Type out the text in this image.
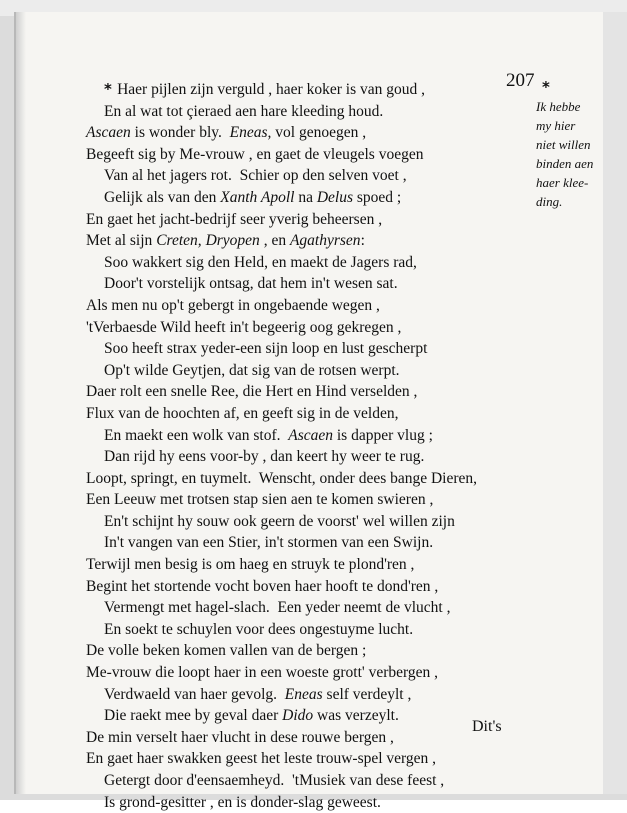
207
* Haer pijlen zijn verguld , haer koker is van goud ,
En al wat tot çieraed aen hare kleeding houd.
Ascaen is wonder bly.  Eneas, vol genoegen ,
Begeeft sig by Me-vrouw , en gaet de vleugels voegen
Van al het jagers rot.  Schier op den selven voet ,
Gelijk als van den Xanth Apoll na Delus spoed ;
En gaet het jacht-bedrijf seer yverig beheersen ,
Met al sijn Creten, Dryopen , en Agathyrsen:
Soo wakkert sig den Held, en maekt de Jagers rad,
Door't vorstelijk ontsag, dat hem in't wesen sat.
Als men nu op't gebergt in ongebaende wegen ,
'tVerbaesde Wild heeft in't begeerig oog gekregen ,
Soo heeft strax yeder-een sijn loop en lust gescherpt
Op't wilde Geytjen, dat sig van de rotsen werpt.
Daer rolt een snelle Ree, die Hert en Hind verselden ,
Flux van de hoochten af, en geeft sig in de velden,
En maekt een wolk van stof.  Ascaen is dapper vlug ;
Dan rijd hy eens voor-by , dan keert hy weer te rug.
Loopt, springt, en tuymelt.  Wenscht, onder dees bange Dieren,
Een Leeuw met trotsen stap sien aen te komen swieren ,
En't schijnt hy souw ook geern de voorst' wel willen zijn
In't vangen van een Stier, in't stormen van een Swijn.
Terwijl men besig is om haeg en struyk te plond'ren ,
Begint het stortende vocht boven haer hooft te dond'ren ,
Vermengt met hagel-slach.  Een yeder neemt de vlucht ,
En soekt te schuylen voor dees ongestuyme lucht.
De volle beken komen vallen van de bergen ;
Me-vrouw die loopt haer in een woeste grott' verbergen ,
Verdwaeld van haer gevolg.  Eneas self verdeylt ,
Die raekt mee by geval daer Dido was verzeylt.
De min verselt haer vlucht in dese rouwe bergen ,
En gaet haer swakken geest het leste trouw-spel vergen ,
Getergt door d'eensaemheyd.  'tMusiek van dese feest ,
Is grond-gesitter , en is donder-slag geweest.
*
Ik hebbe
my hier
niet willen
binden aen
haer klee-
ding.
Dit's
